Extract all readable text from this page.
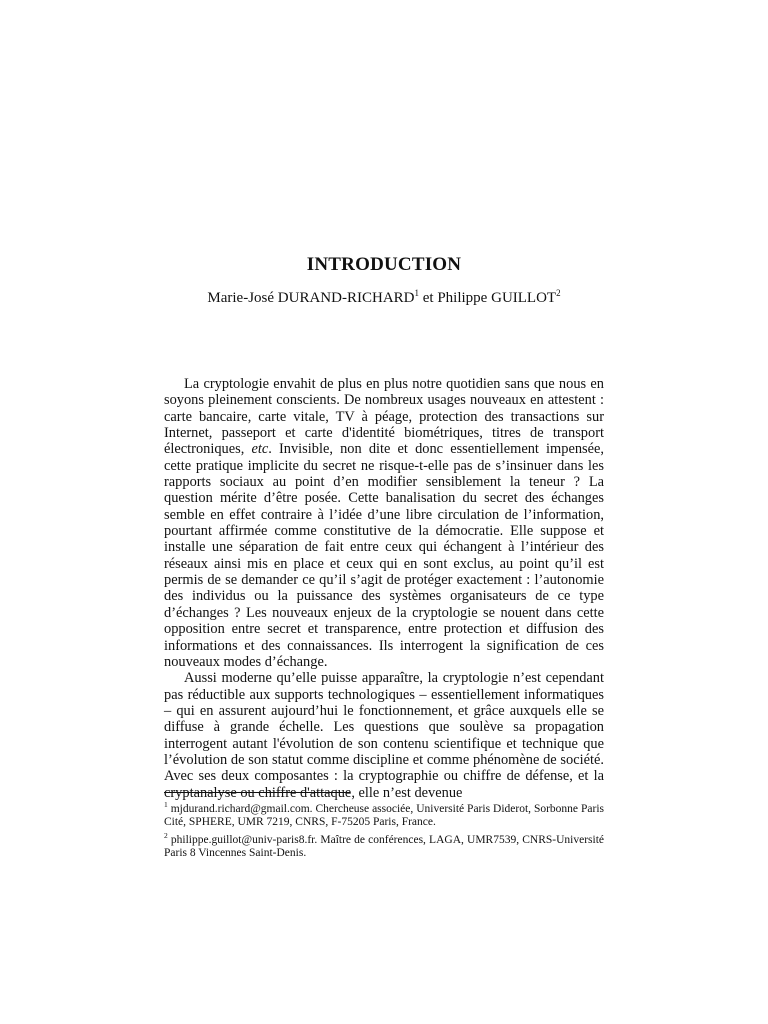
INTRODUCTION

Marie-José DURAND-RICHARD$^1$ et Philippe GUILLOT$^2$

La cryptologie envahit de plus en plus notre quotidien sans que nous en soyons pleinement conscients. De nombreux usages nouveaux en attestent : carte bancaire, carte vitale, TV à péage, protection des transactions sur Internet, passeport et carte d'identité biométriques, titres de transport électroniques, etc. Invisible, non dite et donc essentiellement impensée, cette pratique implicite du secret ne risque-t-elle pas de s’insinuer dans les rapports sociaux au point d’en modifier sensiblement la teneur ? La question mérite d’être posée. Cette banalisation du secret des échanges semble en effet contraire à l’idée d’une libre circulation de l’information, pourtant affirmée comme constitutive de la démocratie. Elle suppose et installe une séparation de fait entre ceux qui échangent à l’intérieur des réseaux ainsi mis en place et ceux qui en sont exclus, au point qu’il est permis de se demander ce qu’il s’agit de protéger exactement : l’autonomie des individus ou la puissance des systèmes organisateurs de ce type d’échanges ? Les nouveaux enjeux de la cryptologie se nouent dans cette opposition entre secret et transparence, entre protection et diffusion des informations et des connaissances. Ils interrogent la signification de ces nouveaux modes d’échange.

Aussi moderne qu’elle puisse apparaître, la cryptologie n’est cependant pas réductible aux supports technologiques – essentiellement informatiques – qui en assurent aujourd’hui le fonctionnement, et grâce auxquels elle se diffuse à grande échelle. Les questions que soulève sa propagation interrogent autant l'évolution de son contenu scientifique et technique que l’évolution de son statut comme discipline et comme phénomène de société. Avec ses deux composantes : la cryptographie ou chiffre de défense, et la cryptanalyse ou chiffre d'attaque, elle n’est devenue

$^1$ mjdurand.richard@gmail.com. Chercheuse associée, Université Paris Diderot, Sorbonne Paris Cité, SPHERE, UMR 7219, CNRS, F-75205 Paris, France.

$^2$ philippe.guillot@univ-paris8.fr. Maître de conférences, LAGA, UMR7539, CNRS-Université Paris 8 Vincennes Saint-Denis.
